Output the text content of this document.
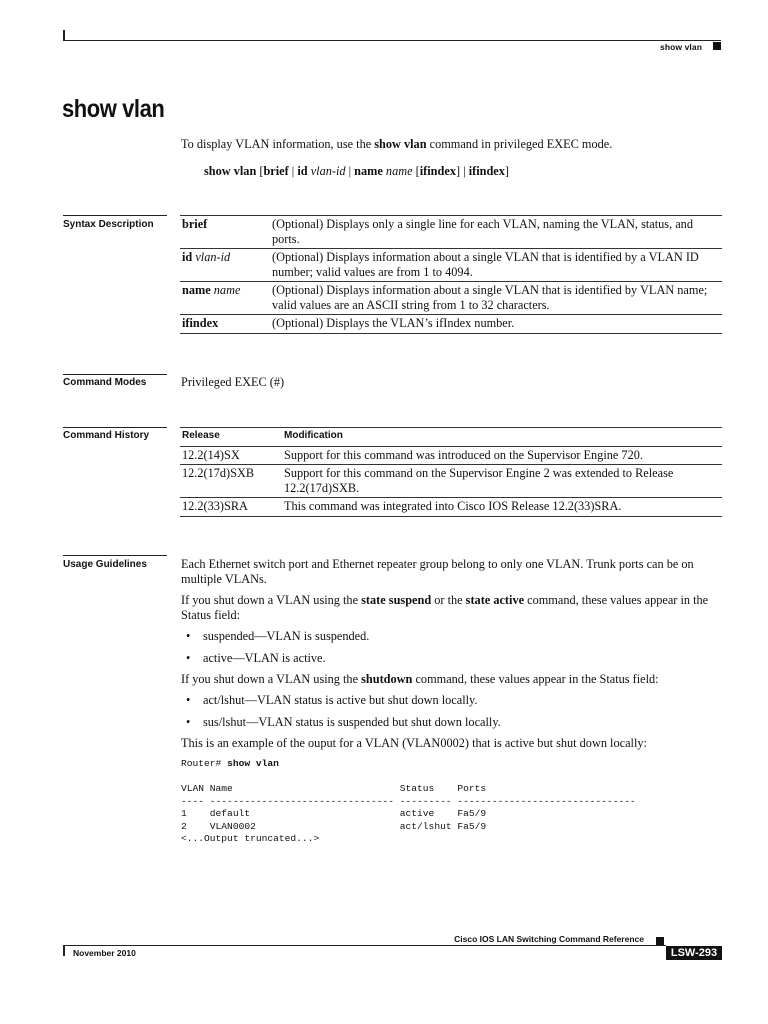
show vlan
show vlan
To display VLAN information, use the show vlan command in privileged EXEC mode.
show vlan [brief | id vlan-id | name name [ifindex] | ifindex]
Syntax Description	brief	(Optional) Displays only a single line for each VLAN, naming the VLAN, status, and ports.
id vlan-id	(Optional) Displays information about a single VLAN that is identified by a VLAN ID number; valid values are from 1 to 4094.
name name	(Optional) Displays information about a single VLAN that is identified by VLAN name; valid values are an ASCII string from 1 to 32 characters.
ifindex	(Optional) Displays the VLAN’s ifIndex number.
Command Modes	Privileged EXEC (#)
Command History	Release	Modification
12.2(14)SX	Support for this command was introduced on the Supervisor Engine 720.
12.2(17d)SXB	Support for this command on the Supervisor Engine 2 was extended to Release 12.2(17d)SXB.
12.2(33)SRA	This command was integrated into Cisco IOS Release 12.2(33)SRA.
Usage Guidelines	Each Ethernet switch port and Ethernet repeater group belong to only one VLAN. Trunk ports can be on multiple VLANs.
If you shut down a VLAN using the state suspend or the state active command, these values appear in the Status field:
• suspended—VLAN is suspended.
• active—VLAN is active.
If you shut down a VLAN using the shutdown command, these values appear in the Status field:
• act/lshut—VLAN status is active but shut down locally.
• sus/lshut—VLAN status is suspended but shut down locally.
This is an example of the ouput for a VLAN (VLAN0002) that is active but shut down locally:
Router# show vlan
VLAN Name                             Status    Ports
---- -------------------------------- --------- -------------------------------
1    default                          active    Fa5/9
2    VLAN0002                         act/lshut Fa5/9
<...Output truncated...>
Cisco IOS LAN Switching Command Reference
November 2010	LSW-293
